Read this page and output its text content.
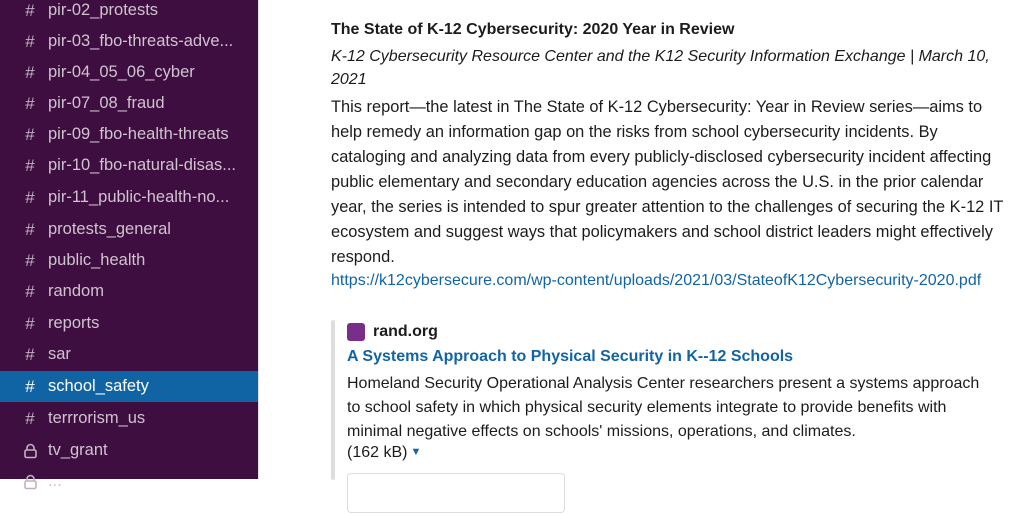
# pir-02_protests
# pir-03_fbo-threats-adve...
# pir-04_05_06_cyber
# pir-07_08_fraud
# pir-09_fbo-health-threats
# pir-10_fbo-natural-disas...
# pir-11_public-health-no...
# protests_general
# public_health
# random
# reports
# sar
# school_safety
# terrrorism_us
tv_grant
...
The State of K-12 Cybersecurity: 2020 Year in Review
K-12 Cybersecurity Resource Center and the K12 Security Information Exchange | March 10, 2021
This report—the latest in The State of K-12 Cybersecurity: Year in Review series—aims to help remedy an information gap on the risks from school cybersecurity incidents. By cataloging and analyzing data from every publicly-disclosed cybersecurity incident affecting public elementary and secondary education agencies across the U.S. in the prior calendar year, the series is intended to spur greater attention to the challenges of securing the K-12 IT ecosystem and suggest ways that policymakers and school district leaders might effectively respond.
https://k12cybersecure.com/wp-content/uploads/2021/03/StateofK12Cybersecurity-2020.pdf
rand.org
A Systems Approach to Physical Security in K--12 Schools
Homeland Security Operational Analysis Center researchers present a systems approach to school safety in which physical security elements integrate to provide benefits with minimal negative effects on schools' missions, operations, and climates.
(162 kB) ▼
